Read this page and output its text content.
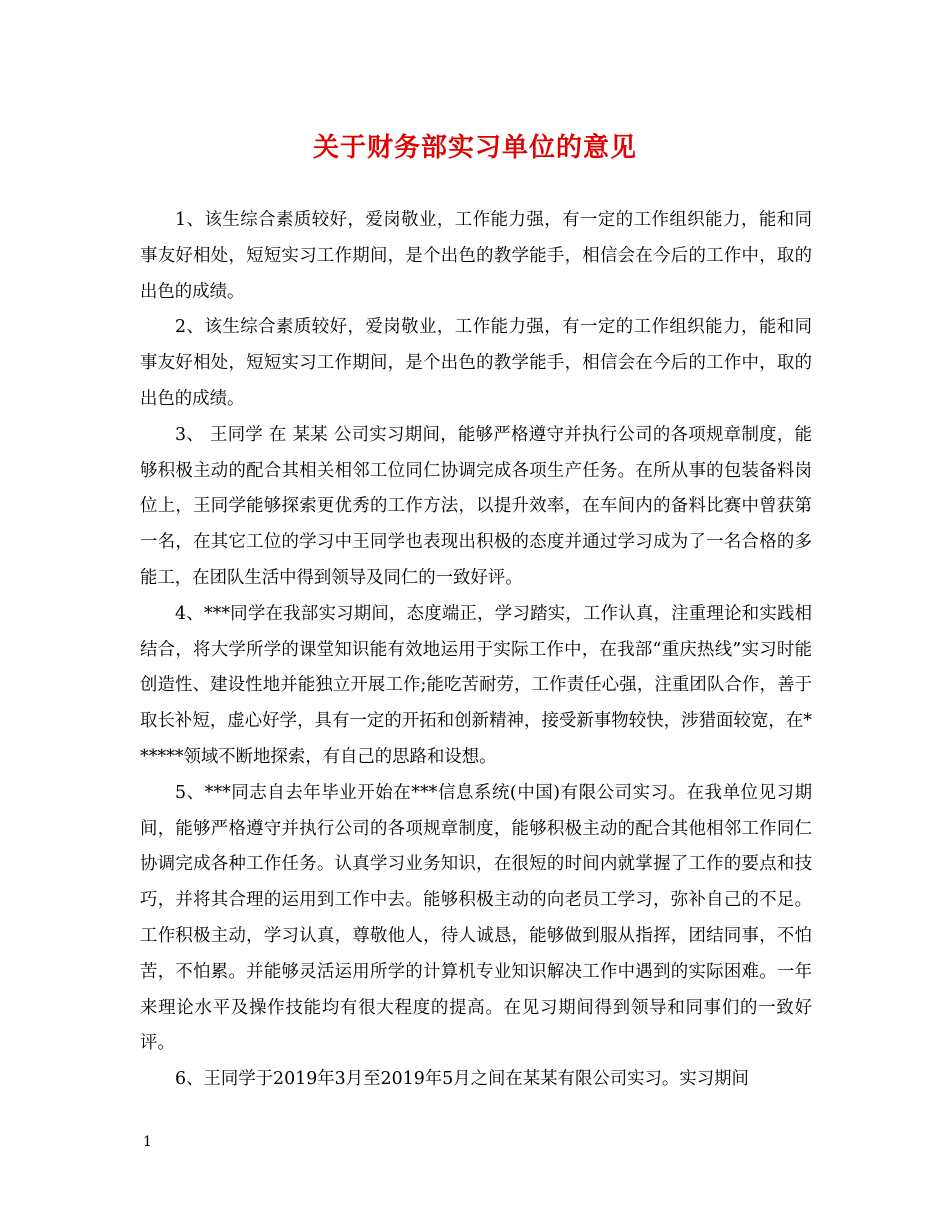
关于财务部实习单位的意见

1、该生综合素质较好，爱岗敬业，工作能力强，有一定的工作组织能力，能和同事友好相处，短短实习工作期间，是个出色的教学能手，相信会在今后的工作中，取的出色的成绩。

2、该生综合素质较好，爱岗敬业，工作能力强，有一定的工作组织能力，能和同事友好相处，短短实习工作期间，是个出色的教学能手，相信会在今后的工作中，取的出色的成绩。

3、 王同学 在 某某 公司实习期间，能够严格遵守并执行公司的各项规章制度，能够积极主动的配合其相关相邻工位同仁协调完成各项生产任务。在所从事的包装备料岗位上，王同学能够探索更优秀的工作方法，以提升效率，在车间内的备料比赛中曾获第一名，在其它工位的学习中王同学也表现出积极的态度并通过学习成为了一名合格的多能工，在团队生活中得到领导及同仁的一致好评。

4、***同学在我部实习期间，态度端正，学习踏实，工作认真，注重理论和实践相结合，将大学所学的课堂知识能有效地运用于实际工作中，在我部“重庆热线”实习时能创造性、建设性地并能独立开展工作;能吃苦耐劳，工作责任心强，注重团队合作，善于取长补短，虚心好学，具有一定的开拓和创新精神，接受新事物较快，涉猎面较宽，在******领域不断地探索，有自己的思路和设想。

5、***同志自去年毕业开始在***信息系统(中国)有限公司实习。在我单位见习期间，能够严格遵守并执行公司的各项规章制度，能够积极主动的配合其他相邻工作同仁协调完成各种工作任务。认真学习业务知识，在很短的时间内就掌握了工作的要点和技巧，并将其合理的运用到工作中去。能够积极主动的向老员工学习，弥补自己的不足。工作积极主动，学习认真，尊敬他人，待人诚恳，能够做到服从指挥，团结同事，不怕苦，不怕累。并能够灵活运用所学的计算机专业知识解决工作中遇到的实际困难。一年来理论水平及操作技能均有很大程度的提高。在见习期间得到领导和同事们的一致好评。

6、王同学于2019年3月至2019年5月之间在某某有限公司实习。实习期间

1
